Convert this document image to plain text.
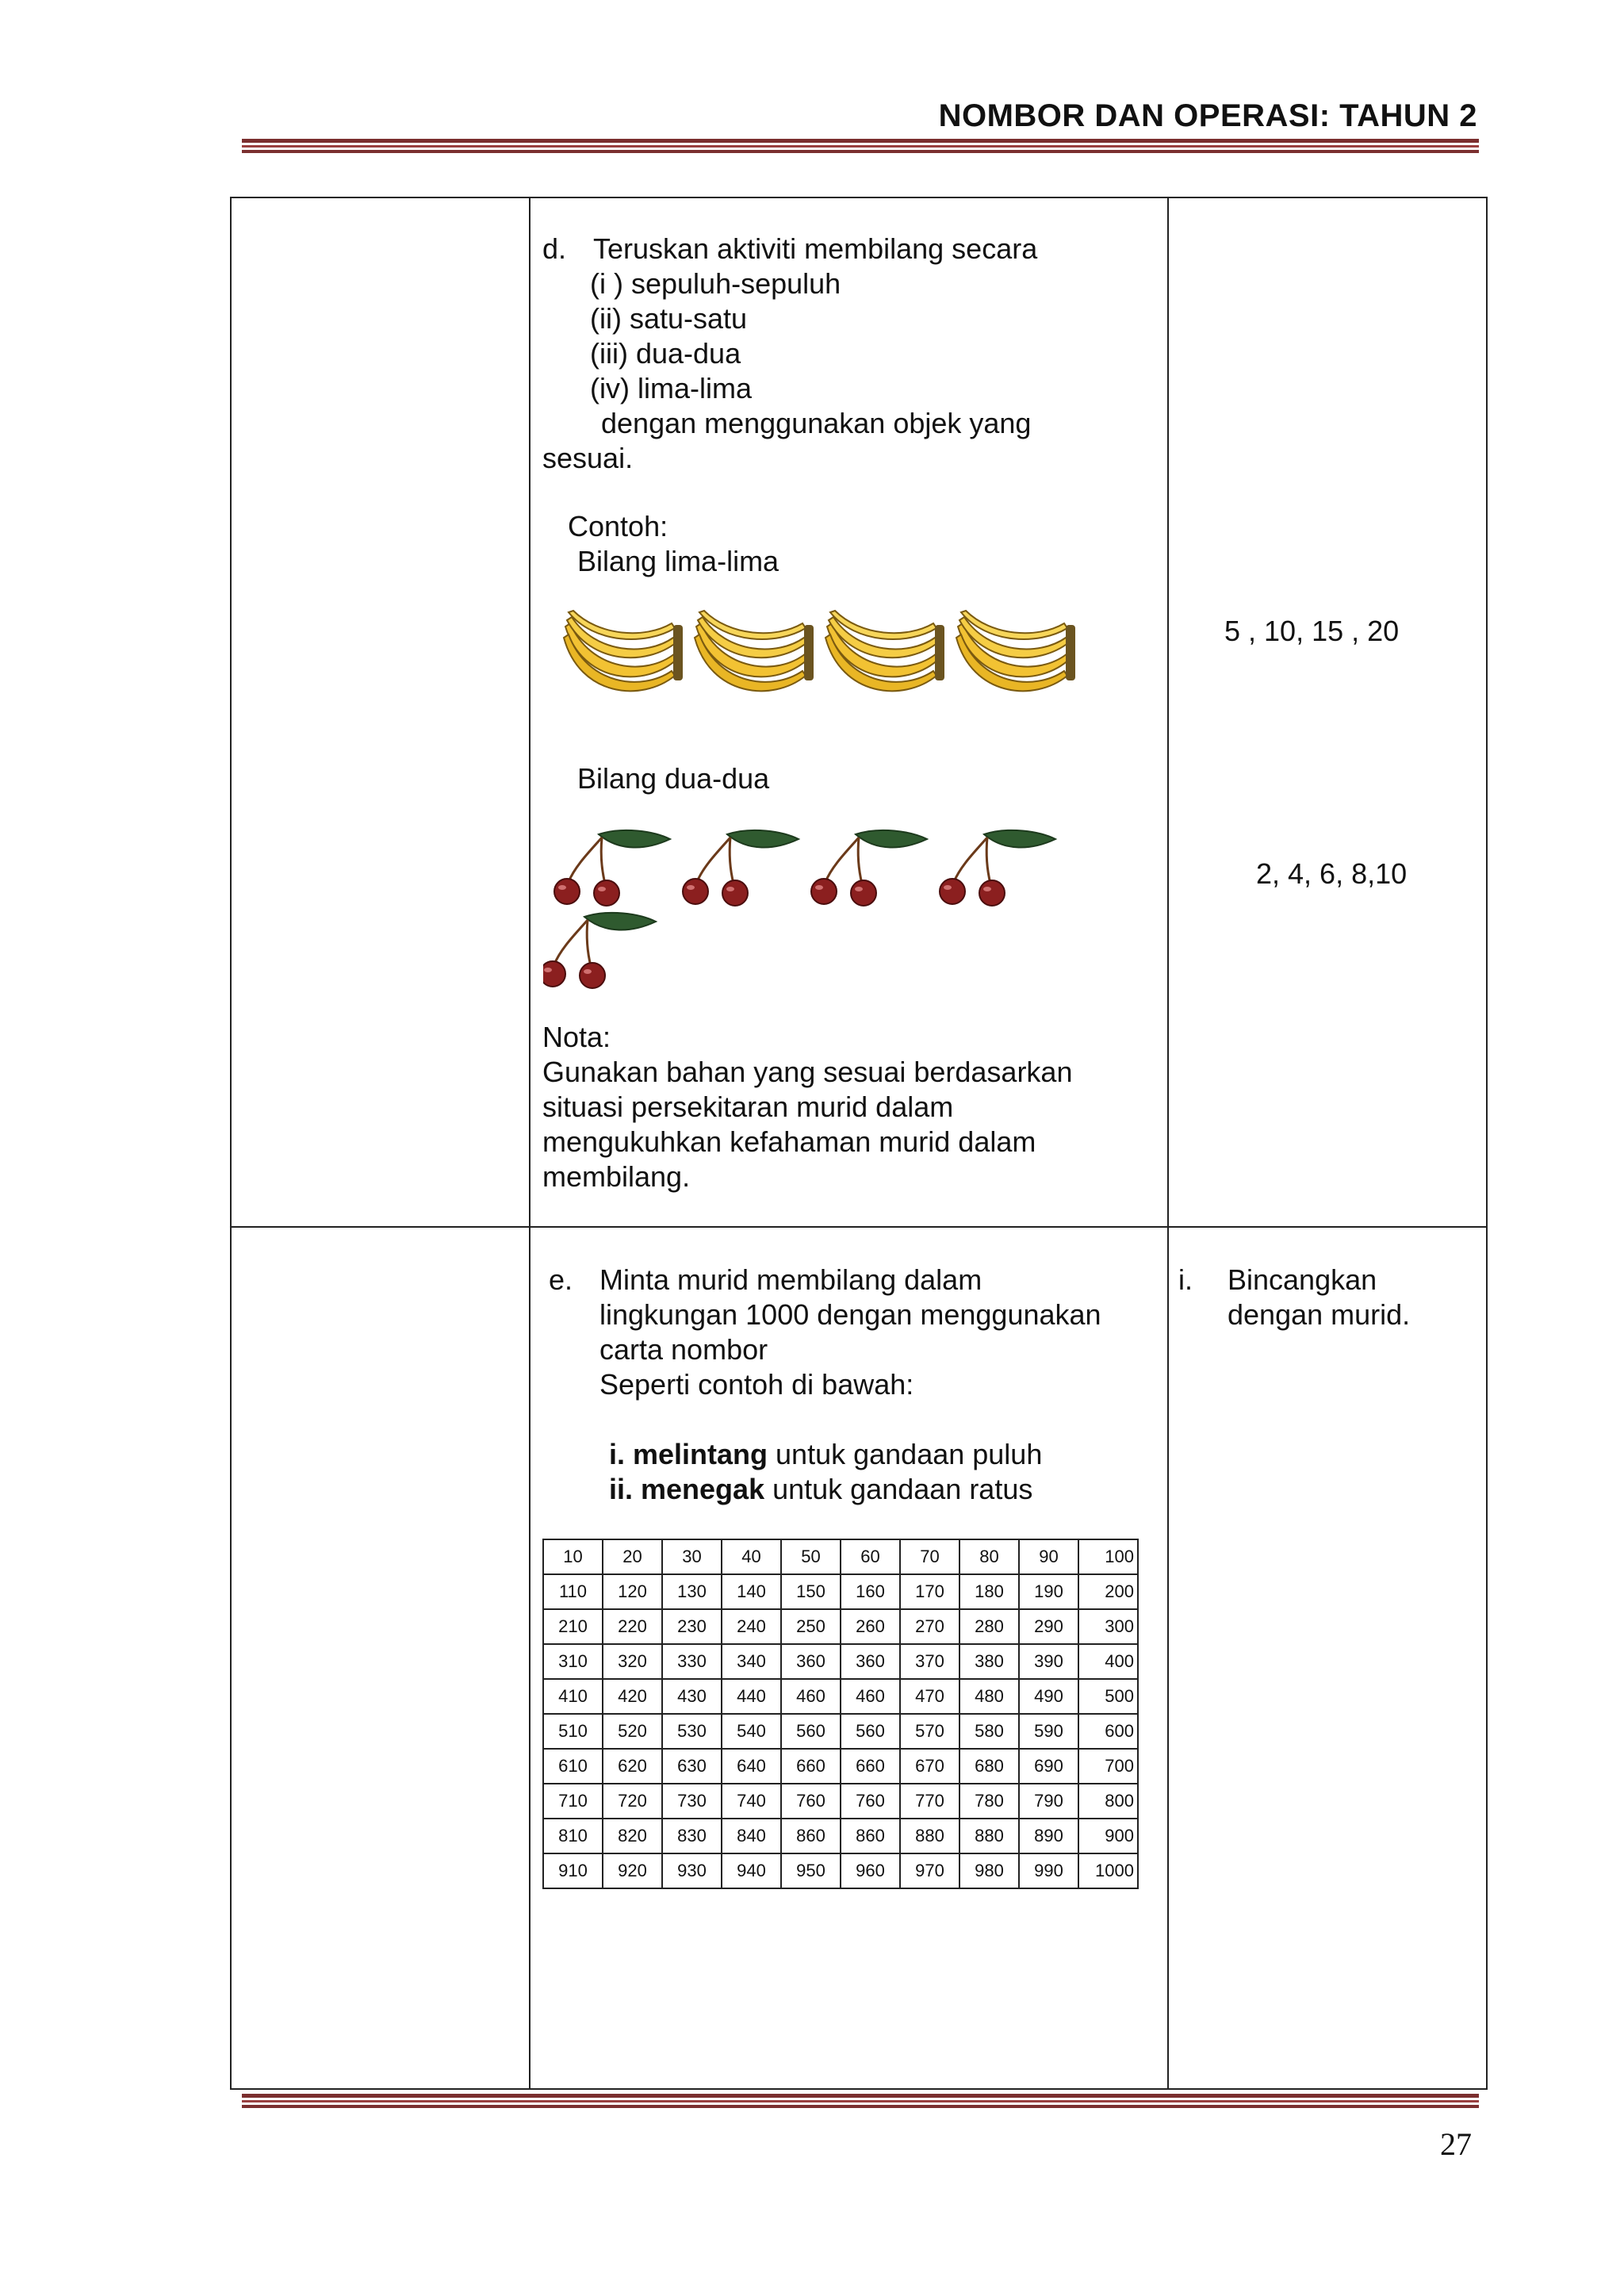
NOMBOR DAN OPERASI: TAHUN 2
d. Teruskan aktiviti membilang secara
(i ) sepuluh-sepuluh
(ii) satu-satu
(iii) dua-dua
(iv) lima-lima
dengan menggunakan objek yang
sesuai.
Contoh:
Bilang lima-lima
5 , 10, 15 , 20
Bilang dua-dua
2, 4, 6, 8,10
Nota:
Gunakan bahan yang sesuai berdasarkan
situasi persekitaran murid dalam
mengukuhkan kefahaman murid dalam
membilang.
e. Minta murid membilang dalam
lingkungan 1000 dengan menggunakan
carta nombor
Seperti contoh di bawah:
i. melintang untuk gandaan puluh
ii. menegak untuk gandaan ratus
i. Bincangkan
dengan murid.
10	20	30	40	50	60	70	80	90	100
110	120	130	140	150	160	170	180	190	200
210	220	230	240	250	260	270	280	290	300
310	320	330	340	360	360	370	380	390	400
410	420	430	440	460	460	470	480	490	500
510	520	530	540	560	560	570	580	590	600
610	620	630	640	660	660	670	680	690	700
710	720	730	740	760	760	770	780	790	800
810	820	830	840	860	860	880	880	890	900
910	920	930	940	950	960	970	980	990	1000
27
